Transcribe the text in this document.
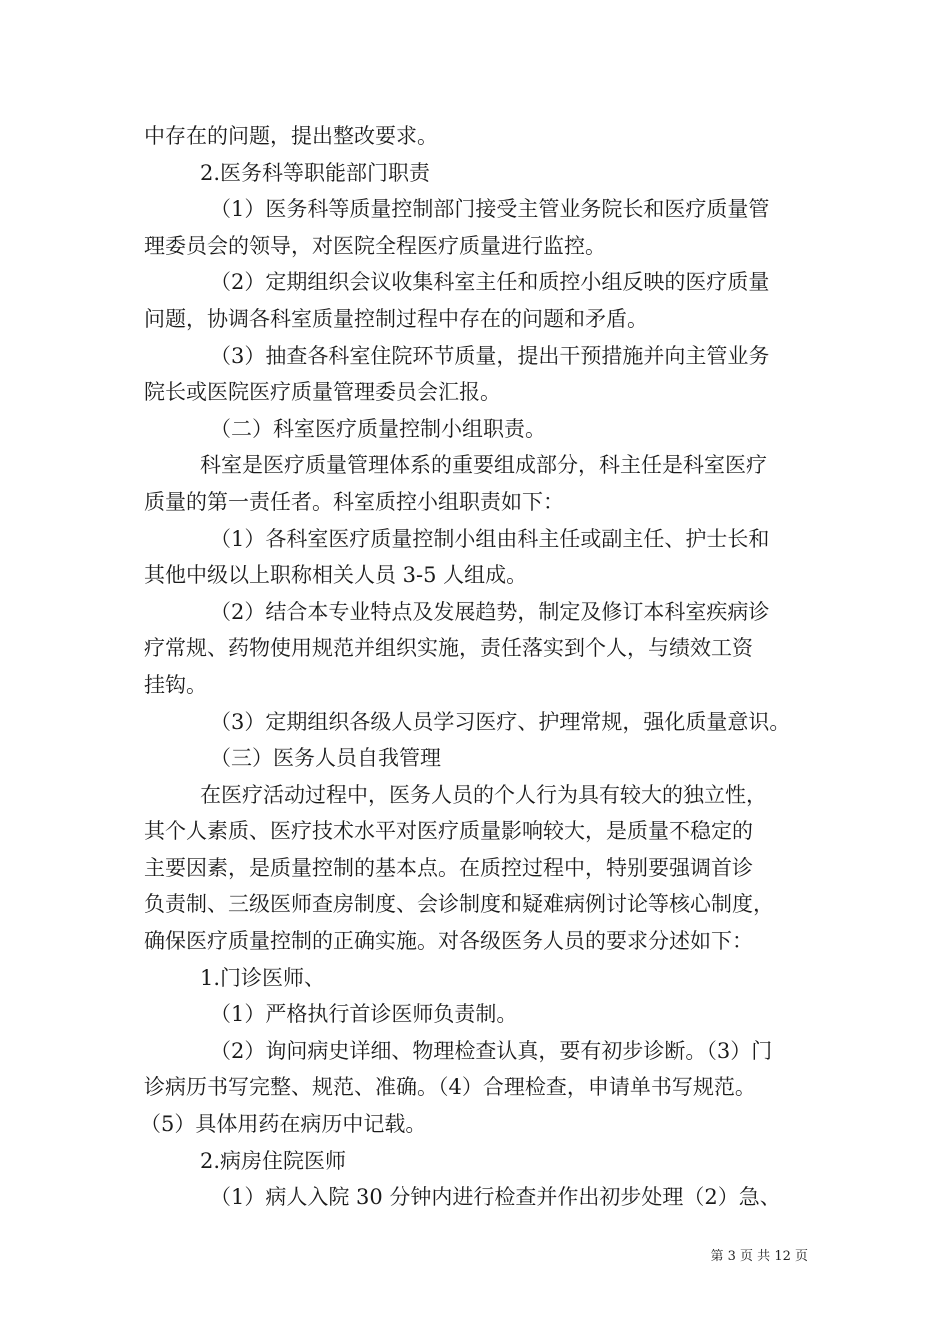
中存在的问题，提出整改要求。
2.医务科等职能部门职责
（1）医务科等质量控制部门接受主管业务院长和医疗质量管
理委员会的领导，对医院全程医疗质量进行监控。
（2）定期组织会议收集科室主任和质控小组反映的医疗质量
问题，协调各科室质量控制过程中存在的问题和矛盾。
（3）抽查各科室住院环节质量，提出干预措施并向主管业务
院长或医院医疗质量管理委员会汇报。
（二）科室医疗质量控制小组职责。
科室是医疗质量管理体系的重要组成部分，科主任是科室医疗
质量的第一责任者。科室质控小组职责如下：
（1）各科室医疗质量控制小组由科主任或副主任、护士长和
其他中级以上职称相关人员 3-5 人组成。
（2）结合本专业特点及发展趋势，制定及修订本科室疾病诊
疗常规、药物使用规范并组织实施，责任落实到个人，与绩效工资
挂钩。
（3）定期组织各级人员学习医疗、护理常规，强化质量意识。
（三）医务人员自我管理
在医疗活动过程中，医务人员的个人行为具有较大的独立性，
其个人素质、医疗技术水平对医疗质量影响较大，是质量不稳定的
主要因素，是质量控制的基本点。在质控过程中，特别要强调首诊
负责制、三级医师查房制度、会诊制度和疑难病例讨论等核心制度，
确保医疗质量控制的正确实施。对各级医务人员的要求分述如下：
1.门诊医师、
（1）严格执行首诊医师负责制。
（2）询问病史详细、物理检查认真，要有初步诊断。（3）门
诊病历书写完整、规范、准确。（4）合理检查，申请单书写规范。
（5）具体用药在病历中记载。
2.病房住院医师
（1）病人入院 30 分钟内进行检查并作出初步处理（2）急、
第 3 页 共 12 页
